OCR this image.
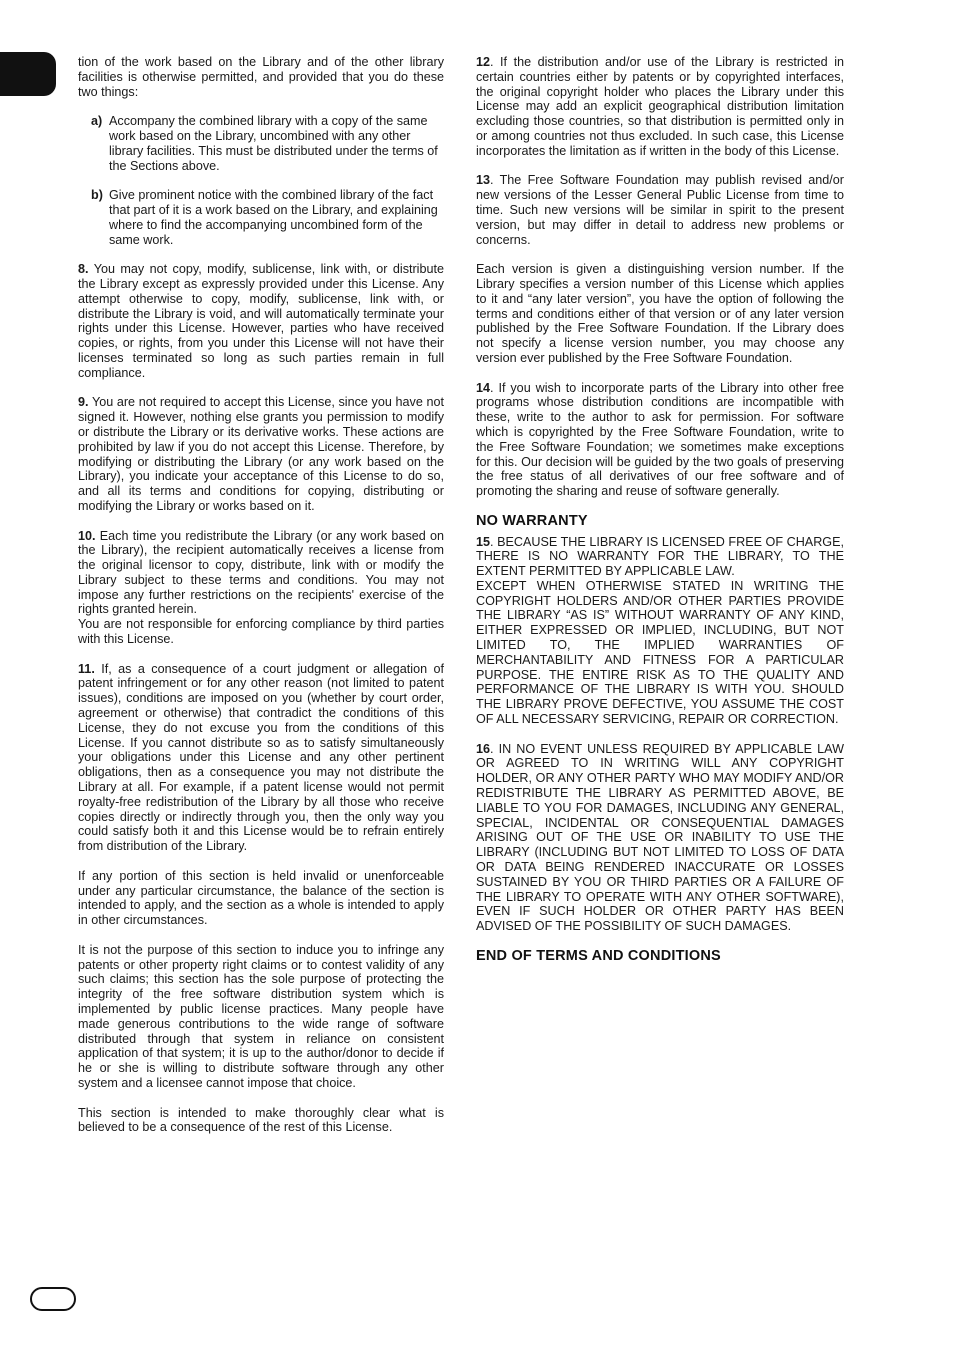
tion of the work based on the Library and of the other library facilities is otherwise permitted, and provided that you do these two things:

a) Accompany the combined library with a copy of the same work based on the Library, uncombined with any other library facilities. This must be distributed under the terms of the Sections above.
b) Give prominent notice with the combined library of the fact that part of it is a work based on the Library, and explaining where to find the accompanying uncombined form of the same work.

8. You may not copy, modify, sublicense, link with, or distribute the Library except as expressly provided under this License. Any attempt otherwise to copy, modify, sublicense, link with, or distribute the Library is void, and will automatically terminate your rights under this License. However, parties who have received copies, or rights, from you under this License will not have their licenses terminated so long as such parties remain in full compliance.

9. You are not required to accept this License, since you have not signed it. However, nothing else grants you permission to modify or distribute the Library or its derivative works. These actions are prohibited by law if you do not accept this License. Therefore, by modifying or distributing the Library (or any work based on the Library), you indicate your acceptance of this License to do so, and all its terms and conditions for copying, distributing or modifying the Library or works based on it.

10. Each time you redistribute the Library (or any work based on the Library), the recipient automatically receives a license from the original licensor to copy, distribute, link with or modify the Library subject to these terms and conditions. You may not impose any further restrictions on the recipients' exercise of the rights granted herein.

You are not responsible for enforcing compliance by third parties with this License.

11. If, as a consequence of a court judgment or allegation of patent infringement or for any other reason (not limited to patent issues), conditions are imposed on you (whether by court order, agreement or otherwise) that contradict the conditions of this License, they do not excuse you from the conditions of this License. If you cannot distribute so as to satisfy simultaneously your obligations under this License and any other pertinent obligations, then as a consequence you may not distribute the Library at all. For example, if a patent license would not permit royalty-free redistribution of the Library by all those who receive copies directly or indirectly through you, then the only way you could satisfy both it and this License would be to refrain entirely from distribution of the Library.

If any portion of this section is held invalid or unenforceable under any particular circumstance, the balance of the section is intended to apply, and the section as a whole is intended to apply in other circumstances.

It is not the purpose of this section to induce you to infringe any patents or other property right claims or to contest validity of any such claims; this section has the sole purpose of protecting the integrity of the free software distribution system which is implemented by public license practices. Many people have made generous contributions to the wide range of software distributed through that system in reliance on consistent application of that system; it is up to the author/donor to decide if he or she is willing to distribute software through any other system and a licensee cannot impose that choice.

This section is intended to make thoroughly clear what is believed to be a consequence of the rest of this License.

12. If the distribution and/or use of the Library is restricted in certain countries either by patents or by copyrighted interfaces, the original copyright holder who places the Library under this License may add an explicit geographical distribution limitation excluding those countries, so that distribution is permitted only in or among countries not thus excluded. In such case, this License incorporates the limitation as if written in the body of this License.

13. The Free Software Foundation may publish revised and/or new versions of the Lesser General Public License from time to time. Such new versions will be similar in spirit to the present version, but may differ in detail to address new problems or concerns.

Each version is given a distinguishing version number. If the Library specifies a version number of this License which applies to it and “any later version”, you have the option of following the terms and conditions either of that version or of any later version published by the Free Software Foundation. If the Library does not specify a license version number, you may choose any version ever published by the Free Software Foundation.

14. If you wish to incorporate parts of the Library into other free programs whose distribution conditions are incompatible with these, write to the author to ask for permission. For software which is copyrighted by the Free Software Foundation, write to the Free Software Foundation; we sometimes make exceptions for this. Our decision will be guided by the two goals of preserving the free status of all derivatives of our free software and of promoting the sharing and reuse of software generally.

NO WARRANTY

15. BECAUSE THE LIBRARY IS LICENSED FREE OF CHARGE, THERE IS NO WARRANTY FOR THE LIBRARY, TO THE EXTENT PERMITTED BY APPLICABLE LAW.

EXCEPT WHEN OTHERWISE STATED IN WRITING THE COPYRIGHT HOLDERS AND/OR OTHER PARTIES PROVIDE THE LIBRARY “AS IS” WITHOUT WARRANTY OF ANY KIND, EITHER EXPRESSED OR IMPLIED, INCLUDING, BUT NOT LIMITED TO, THE IMPLIED WARRANTIES OF MERCHANTABILITY AND FITNESS FOR A PARTICULAR PURPOSE. THE ENTIRE RISK AS TO THE QUALITY AND PERFORMANCE OF THE LIBRARY IS WITH YOU. SHOULD THE LIBRARY PROVE DEFECTIVE, YOU ASSUME THE COST OF ALL NECESSARY SERVICING, REPAIR OR CORRECTION.

16. IN NO EVENT UNLESS REQUIRED BY APPLICABLE LAW OR AGREED TO IN WRITING WILL ANY COPYRIGHT HOLDER, OR ANY OTHER PARTY WHO MAY MODIFY AND/OR REDISTRIBUTE THE LIBRARY AS PERMITTED ABOVE, BE LIABLE TO YOU FOR DAMAGES, INCLUDING ANY GENERAL, SPECIAL, INCIDENTAL OR CONSEQUENTIAL DAMAGES ARISING OUT OF THE USE OR INABILITY TO USE THE LIBRARY (INCLUDING BUT NOT LIMITED TO LOSS OF DATA OR DATA BEING RENDERED INACCURATE OR LOSSES SUSTAINED BY YOU OR THIRD PARTIES OR A FAILURE OF THE LIBRARY TO OPERATE WITH ANY OTHER SOFTWARE), EVEN IF SUCH HOLDER OR OTHER PARTY HAS BEEN ADVISED OF THE POSSIBILITY OF SUCH DAMAGES.

END OF TERMS AND CONDITIONS
